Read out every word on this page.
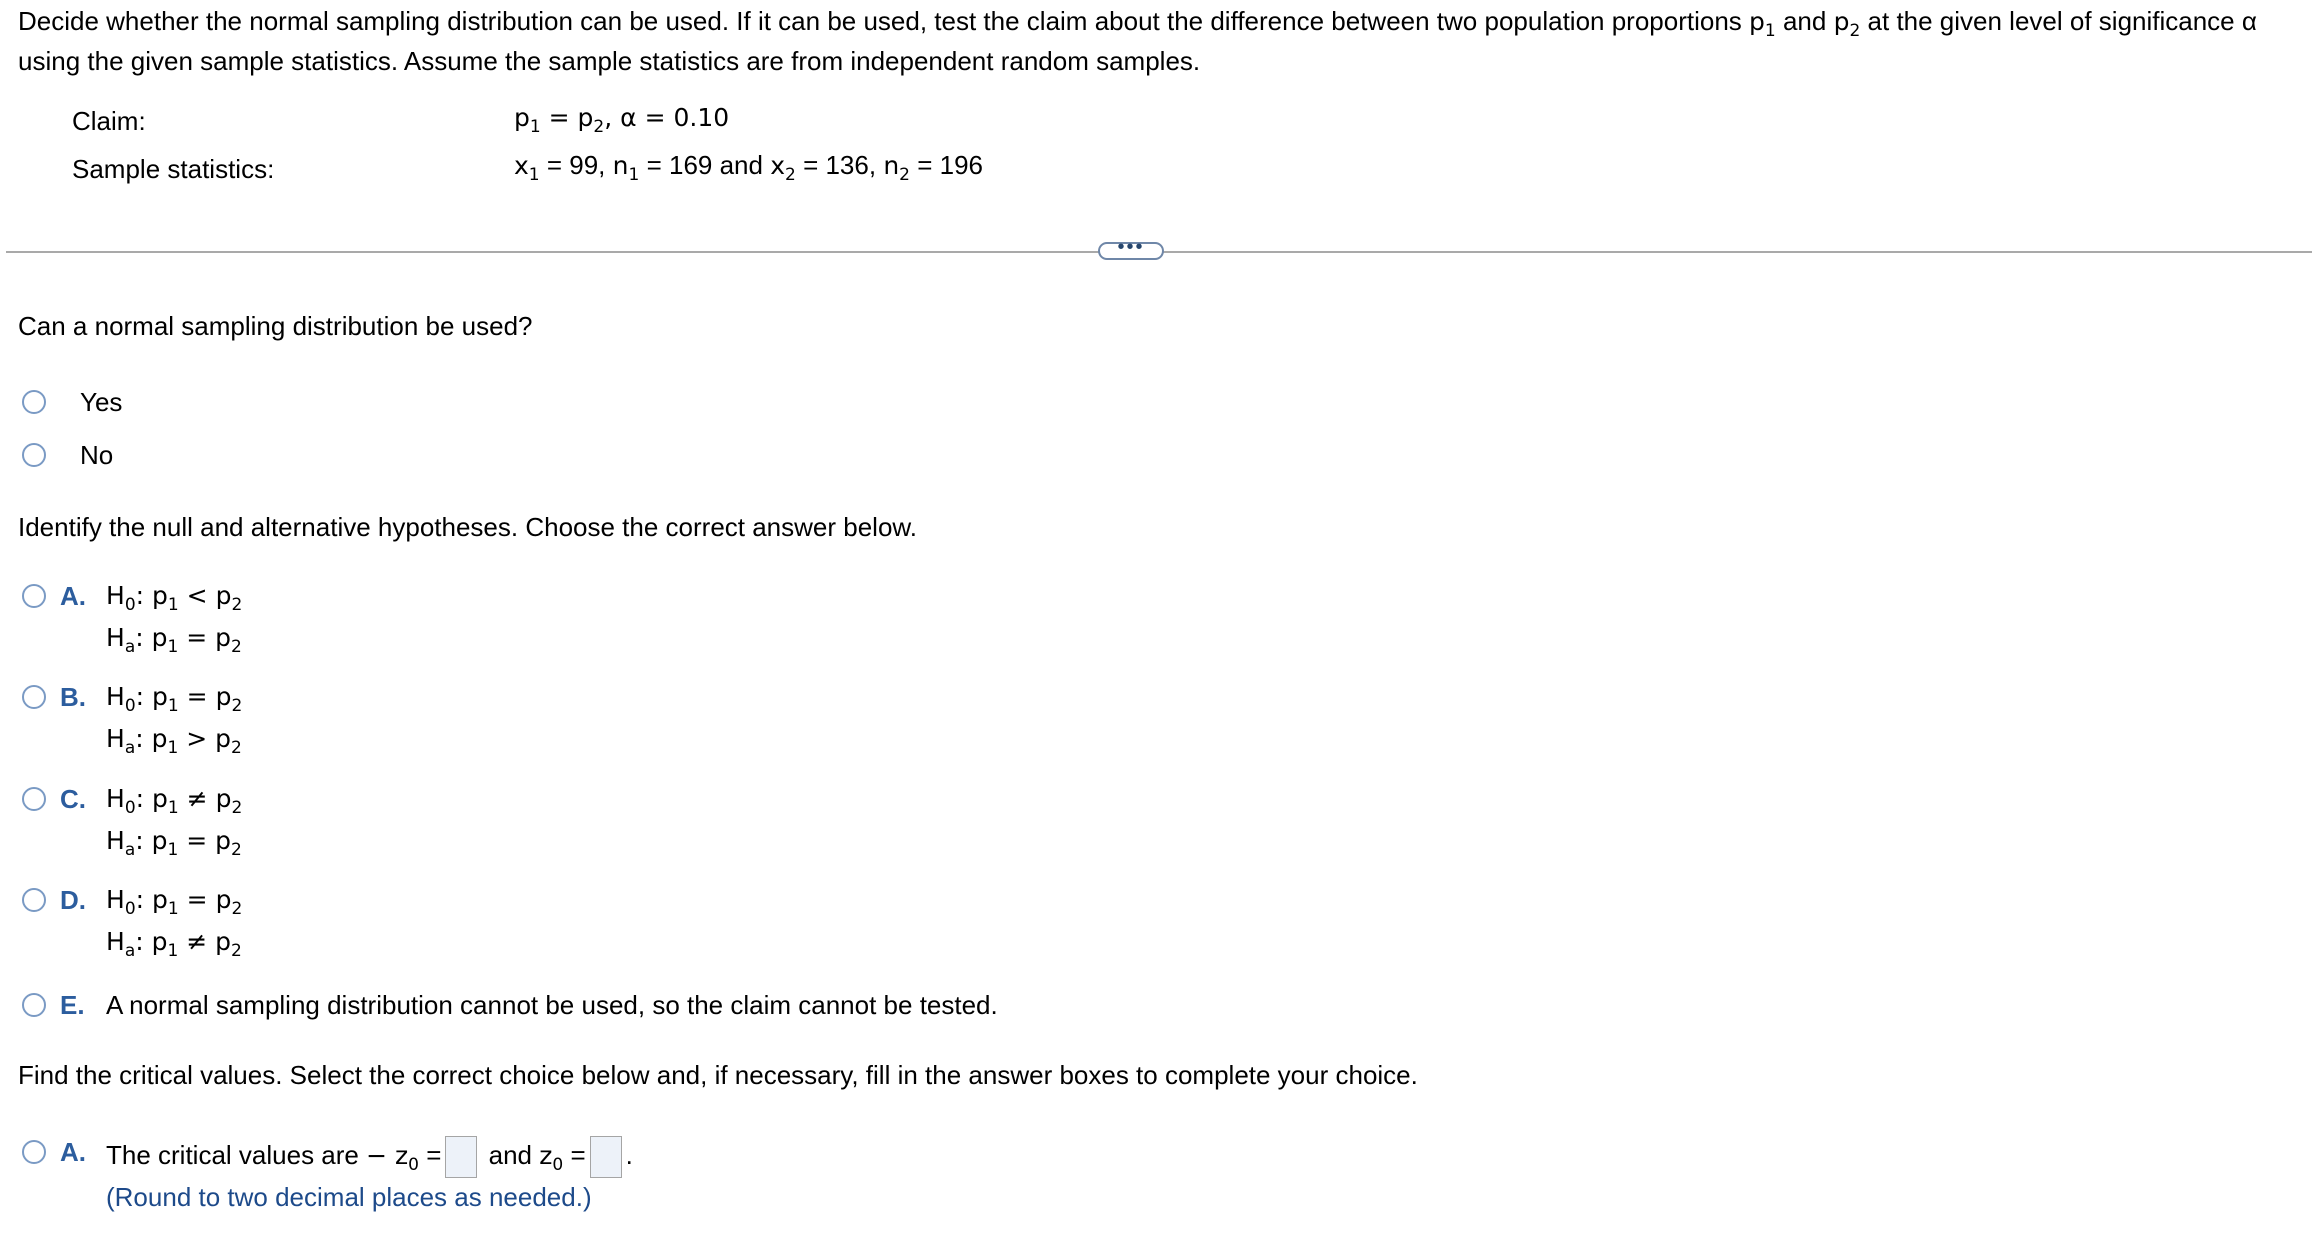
Decide whether the normal sampling distribution can be used. If it can be used, test the claim about the difference between two population proportions $p_1$ and $p_2$ at the given level of significance α
using the given sample statistics. Assume the sample statistics are from independent random samples.
Claim:	$p_1 = p_2$, α = 0.10
Sample statistics:	$x_1 = 99$, $n_1 = 169$ and $x_2 = 136$, $n_2 = 196$
•••
Can a normal sampling distribution be used?
Yes
No
Identify the null and alternative hypotheses. Choose the correct answer below.
A. $H_0$: $p_1 < p_2$
$H_a$: $p_1 = p_2$
B. $H_0$: $p_1 = p_2$
$H_a$: $p_1 > p_2$
C. $H_0$: $p_1 \ne p_2$
$H_a$: $p_1 = p_2$
D. $H_0$: $p_1 = p_2$
$H_a$: $p_1 \ne p_2$
E. A normal sampling distribution cannot be used, so the claim cannot be tested.
Find the critical values. Select the correct choice below and, if necessary, fill in the answer boxes to complete your choice.
A. The critical values are − $z_0$ = and $z_0$ = .
(Round to two decimal places as needed.)
